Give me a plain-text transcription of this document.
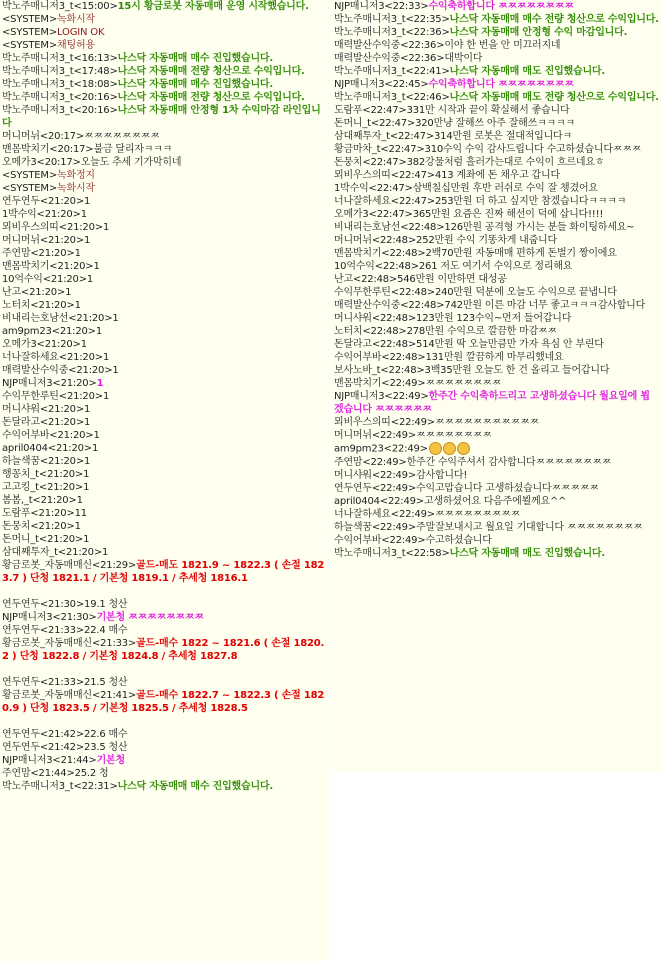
박노주매니저3_t<15:00>15시 황금로봇 자동매매 운영 시작했습니다.
<SYSTEM>녹화시작
<SYSTEM>LOGIN OK
<SYSTEM>채팅허용
박노주매니저3_t<16:13>나스닥 자동매매 매수 진입했습니다.
박노주매니저3_t<17:48>나스닥 자동매매 전량 청산으로 수익입니다.
박노주매니저3_t<18:08>나스닥 자동매매 매수 진입했습니다.
박노주매니저3_t<20:16>나스닥 자동매매 전량 청산으로 수익입니다.
박노주매니저3_t<20:16>나스닥 자동매매 안정형 1차 수익마감 라인입니다
머니머뉘<20:17>ㅉㅉㅉㅉㅉㅉㅉㅉ
맨몸박치기<20:17>불금 달리자ㅋㅋㅋ
오메가3<20:17>오늘도 추세 기가막히네
<SYSTEM>녹화정지
<SYSTEM>녹화시작
연두연두<21:20>1
1박수익<21:20>1
뫼비우스의띠<21:20>1
머니머뉘<21:20>1
주연맘<21:20>1
맨몸박치기<21:20>1
10억수익<21:20>1
난고<21:20>1
노터치<21:20>1
비내리는호남선<21:20>1
am9pm23<21:20>1
오메가3<21:20>1
너나잘하세요<21:20>1
매력발산수익중<21:20>1
NJP매니저3<21:20>1
수익무한루틴<21:20>1
머니샤워<21:20>1
돈달라고<21:20>1
수익어부바<21:20>1
april0404<21:20>1
하늘색꿈<21:20>1
행꽁치_t<21:20>1
고고킹_t<21:20>1
봄봄,_t<21:20>1
도람푸<21:20>11
돈뭉치<21:20>1
돈머니_t<21:20>1
삼대째투자_t<21:20>1
황금로봇_자동매매신<21:29>골드-매도 1821.9 ~ 1822.3 ( 손절 1823.7 ) 단청 1821.1 / 기본청 1819.1 / 추세청 1816.1
연두연두<21:30>19.1 청산
NJP매니저3<21:30>기본청 ㅉㅉㅉㅉㅉㅉㅉㅉ
연두연두<21:33>22.4 매수
황금로봇_자동매매신<21:33>골드-매수 1822 ~ 1821.6 ( 손절 1820.2 ) 단청 1822.8 / 기본청 1824.8 / 추세청 1827.8
연두연두<21:33>21.5 청산
황금로봇_자동매매신<21:41>골드-매수 1822.7 ~ 1822.3 ( 손절 1820.9 ) 단청 1823.5 / 기본청 1825.5 / 추세청 1828.5
연두연두<21:42>22.6 매수
연두연두<21:42>23.5 청산
NJP매니저3<21:44>기본청
주연맘<21:44>25.2 청
박노주매니저3_t<22:31>나스닥 자동매매 매수 진입했습니다.
NJP매니저3<22:33>수익축하합니다 ㅉㅉㅉㅉㅉㅉㅉㅉ
박노주매니저3_t<22:35>나스닥 자동매매 매수 전량 청산으로 수익입니다.
박노주매니저3_t<22:36>나스닥 자동매매 안정형 수익 마감입니다.
매력발산수익중<22:36>이야 한 번을 안 미끄러지네
매력발산수익중<22:36>대박이다
박노주매니저3_t<22:41>나스닥 자동매매 매도 진입했습니다.
NJP매니저3<22:45>수익축하합니다 ㅉㅉㅉㅉㅉㅉㅉㅉ
박노주매니저3_t<22:46>나스닥 자동매매 매도 전량 청산으로 수익입니다.
도람푸<22:47>331만 시작과 끝이 확실해서 좋습니다
돈머니_t<22:47>320만냥 잘해쓰 아주 잘해쓰ㅋㅋㅋㅋ
삼대째투자_t<22:47>314만원 로봇은 절대적입니다ㅋ
황금마차_t<22:47>310수익 수익 감사드립니다 수고하셨습니다ㅉㅉㅉ
돈뭉치<22:47>382강물처럼 흘러가는대로 수익이 흐르네요ㅎ
뫼비우스의띠<22:47>413 계좌에 돈 채우고 갑니다
1박수익<22:47>삼백칠십만원 후반 러쉬로 수익 잘 챙겼어요
너나잘하세요<22:47>253만원 더 하고 싶지만 참겠습니다ㅋㅋㅋㅋ
오메가3<22:47>365만원 요즘은 진짜 해선이 덕에 삽니다!!!!
비내리는호남선<22:48>126만원 공격형 가시는 분들 화이팅하세요~
머니머뉘<22:48>252만원 수익 기똥차게 내줍니다
맨몸박치기<22:48>2백70만원 자동매매 편하게 돈벌기 짱이에요
10억수익<22:48>261 저도 여기서 수익으로 정리해요
난고<22:48>546만원 이만하면 대성공
수익무한루틴<22:48>240만원 덕분에 오늘도 수익으로 끝냅니다
매력발산수익중<22:48>742만원 이른 마감 너무 좋고ㅋㅋㅋ감사합니다
머니샤워<22:48>123만원 123수익~먼저 들어갑니다
노터치<22:48>278만원 수익으로 깔끔한 마감ㅉㅉ
돈달라고<22:48>514만원 딱 오늘만큼만 가자 욕심 안 부린다
수익어부바<22:48>131만원 깔끔하게 마무리했네요
보사노바_t<22:48>3백35만원 오늘도 한 건 올리고 들어갑니다
맨몸박치기<22:49>ㅉㅉㅉㅉㅉㅉㅉㅉ
NJP매니저3<22:49>한주간 수익축하드리고 고생하셨습니다 월요일에 뵙겠습니다 ㅉㅉㅉㅉㅉㅉ
뫼비우스의띠<22:49>ㅉㅉㅉㅉㅉㅉㅉㅉㅉㅉㅉ
머니머뉘<22:49>ㅉㅉㅉㅉㅉㅉㅉㅉ
am9pm23<22:49>
주연맘<22:49>한주간 수익주셔서 감사합니다ㅉㅉㅉㅉㅉㅉㅉㅉ
머니샤워<22:49>감사합니다!
연두연두<22:49>수익고맙습니다 고생하셨습니다ㅉㅉㅉㅉㅉ
april0404<22:49>고생하셨어요 다음주에뵐께요^^
너나잘하세요<22:49>ㅉㅉㅉㅉㅉㅉㅉㅉㅉ
하늘색꿈<22:49>주말잘보내시고 월요일 기대합니다 ㅉㅉㅉㅉㅉㅉㅉㅉ
수익어부바<22:49>수고하셨습니다
박노주매니저3_t<22:58>나스닥 자동매매 매도 진입했습니다.
